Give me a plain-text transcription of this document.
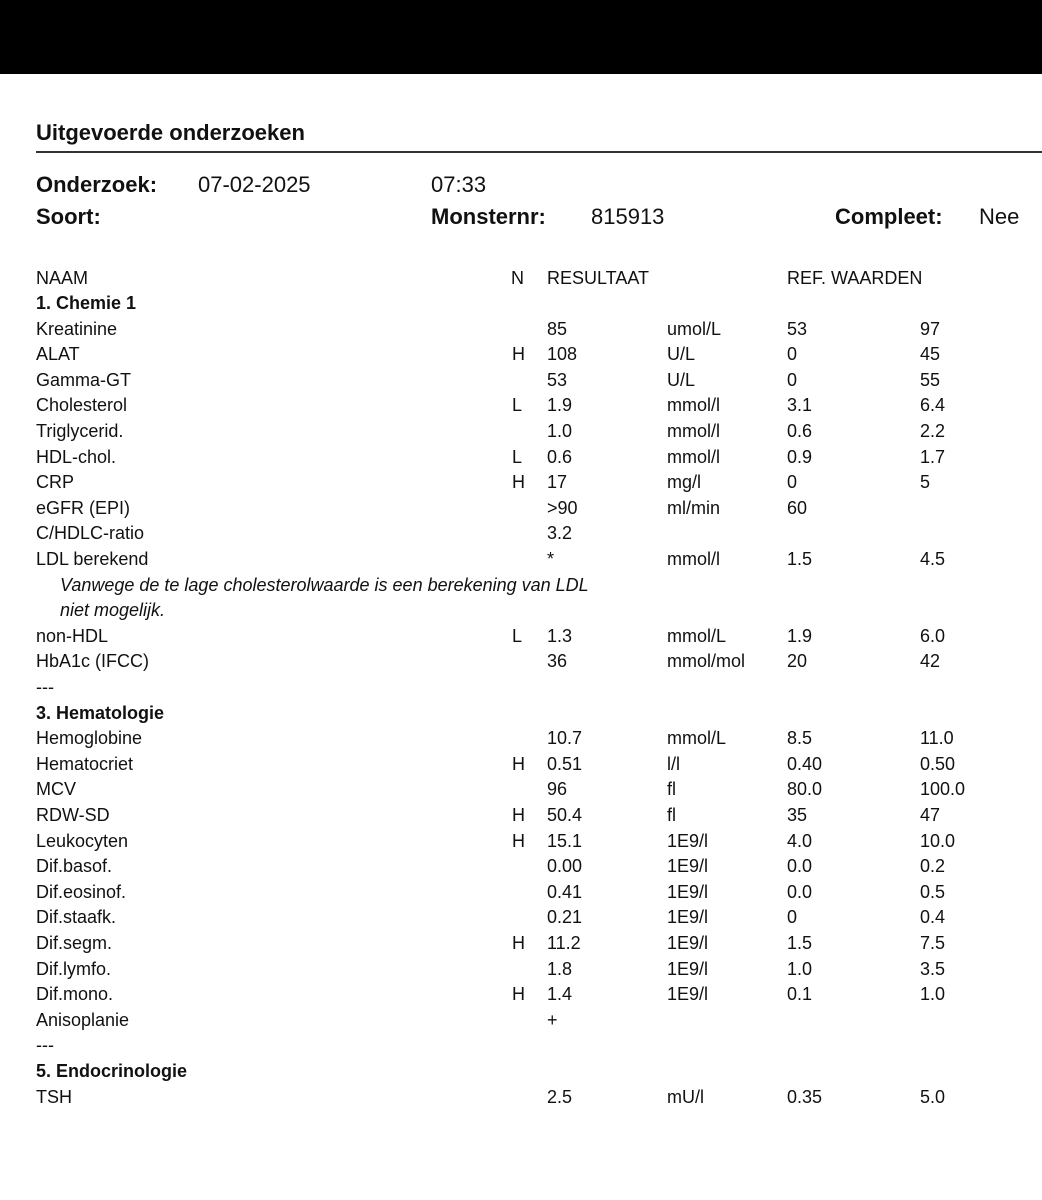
Uitgevoerde onderzoeken
Onderzoek: 07-02-2025	07:33
Soort:	Monsternr: 815913	Compleet: Nee
NAAM	N RESULTAAT	REF. WAARDEN
1. Chemie 1
Kreatinine	85	umol/L	53	97
ALAT	H 108	U/L	0	45
Gamma-GT	53	U/L	0	55
Cholesterol	L 1.9	mmol/l	3.1	6.4
Triglycerid.	1.0	mmol/l	0.6	2.2
HDL-chol.	L 0.6	mmol/l	0.9	1.7
CRP	H 17	mg/l	0	5
eGFR (EPI)	>90	ml/min	60
C/HDLC-ratio	3.2
LDL berekend	*	mmol/l	1.5	4.5
Vanwege de te lage cholesterolwaarde is een berekening van LDL
niet mogelijk.
non-HDL	L 1.3	mmol/L	1.9	6.0
HbA1c (IFCC)	36	mmol/mol 20	42
---
3. Hematologie
Hemoglobine	10.7	mmol/L	8.5	11.0
Hematocriet	H 0.51	l/l	0.40	0.50
MCV	96	fl	80.0	100.0
RDW-SD	H 50.4	fl	35	47
Leukocyten	H 15.1	1E9/l	4.0	10.0
Dif.basof.	0.00	1E9/l	0.0	0.2
Dif.eosinof.	0.41	1E9/l	0.0	0.5
Dif.staafk.	0.21	1E9/l	0	0.4
Dif.segm.	H 11.2	1E9/l	1.5	7.5
Dif.lymfo.	1.8	1E9/l	1.0	3.5
Dif.mono.	H 1.4	1E9/l	0.1	1.0
Anisoplanie	+
---
5. Endocrinologie
TSH	2.5	mU/l	0.35	5.0
